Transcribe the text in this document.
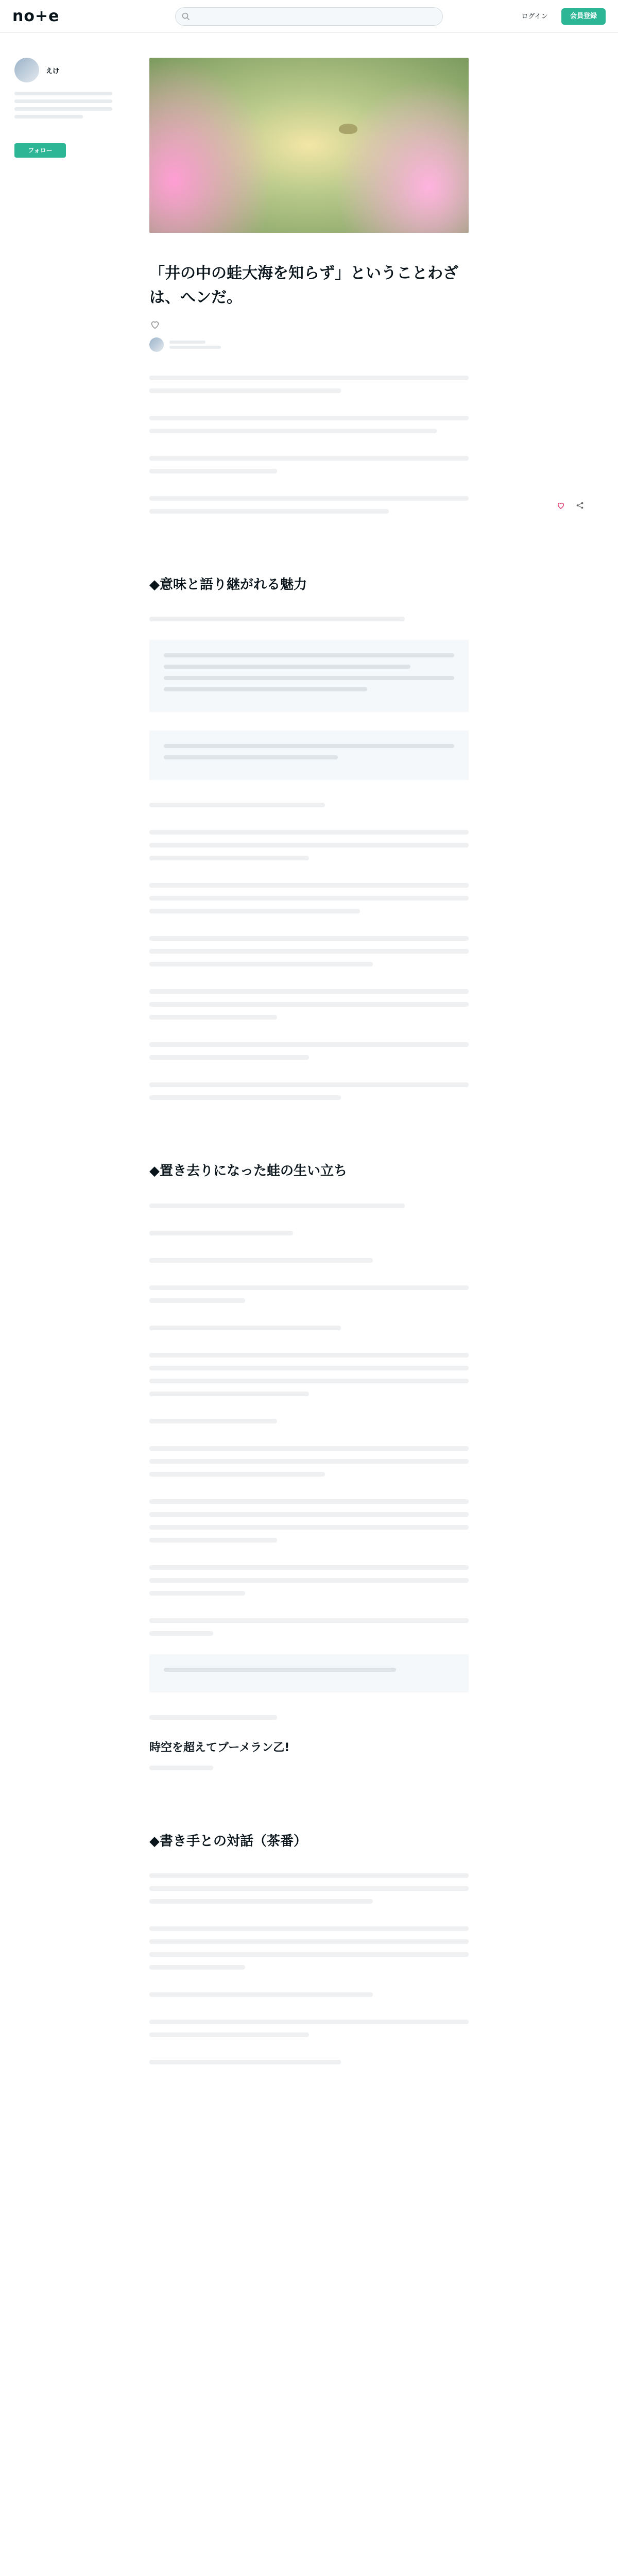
no+e	ログイン	会員登録
えけ
フォロー
「井の中の蛙大海を知らず」ということわざは、へンだ。

◆意味と語り継がれる魅力
◆置き去りになった蛙の生い立ち
時空を超えてブーメラン乙!
◆書き手との対話（茶番）
